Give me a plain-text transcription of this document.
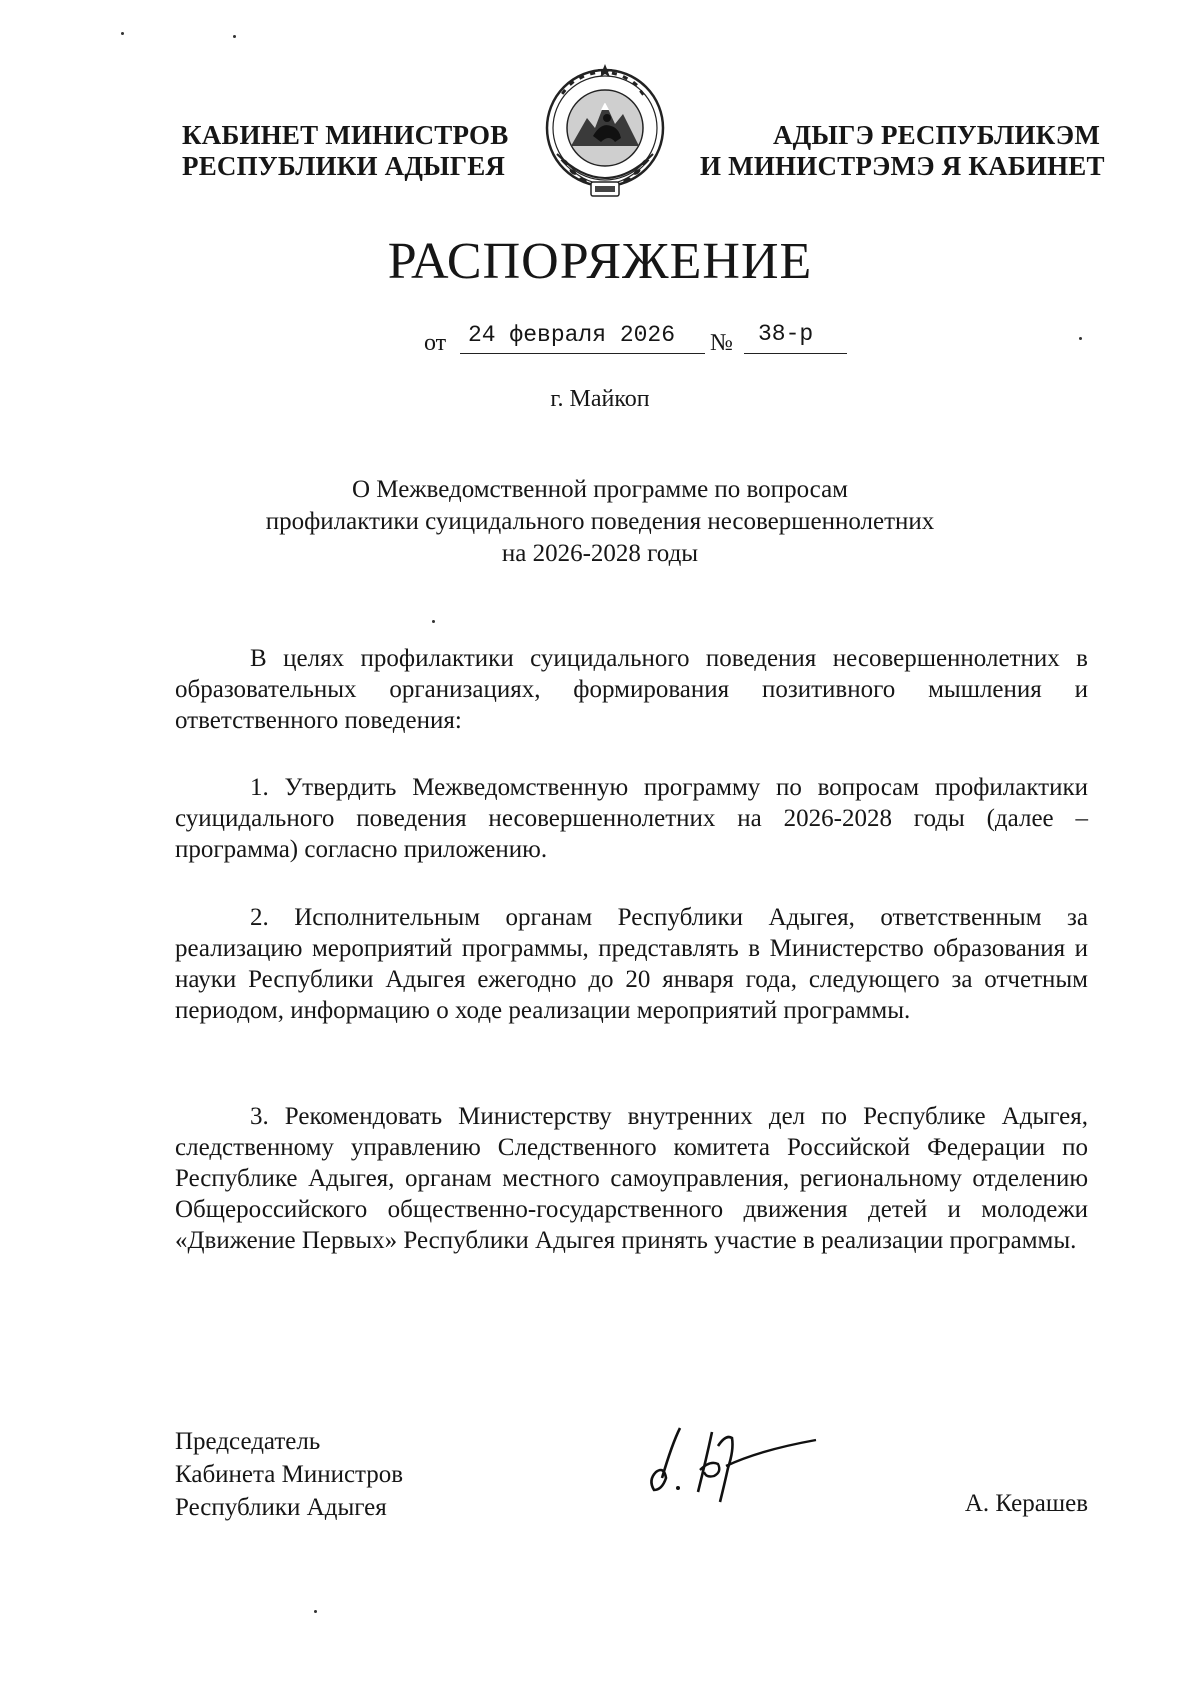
КАБИНЕТ МИНИСТРОВ
РЕСПУБЛИКИ АДЫГЕЯ
АДЫГЭ РЕСПУБЛИКЭМ
И МИНИСТРЭМЭ Я КАБИНЕТ
РАСПОРЯЖЕНИЕ
от 24 февраля 2026	№	38-р
г. Майкоп
О Межведомственной программе по вопросам
профилактики суицидального поведения несовершеннолетних
на 2026-2028 годы

В целях профилактики суицидального поведения несовершеннолетних в образовательных организациях, формирования позитивного мышления и ответственного поведения:

1. Утвердить Межведомственную программу по вопросам профилактики суицидального поведения несовершеннолетних на 2026-2028 годы (далее – программа) согласно приложению.

2. Исполнительным органам Республики Адыгея, ответственным за реализацию мероприятий программы, представлять в Министерство образования и науки Республики Адыгея ежегодно до 20 января года, следующего за отчетным периодом, информацию о ходе реализации мероприятий программы.

3. Рекомендовать Министерству внутренних дел по Республике Адыгея, следственному управлению Следственного комитета Российской Федерации по Республике Адыгея, органам местного самоуправления, региональному отделению Общероссийского общественно-государственного движения детей и молодежи «Движение Первых» Республики Адыгея принять участие в реализации программы.

Председатель
Кабинета Министров
Республики Адыгея	А. Керашев
